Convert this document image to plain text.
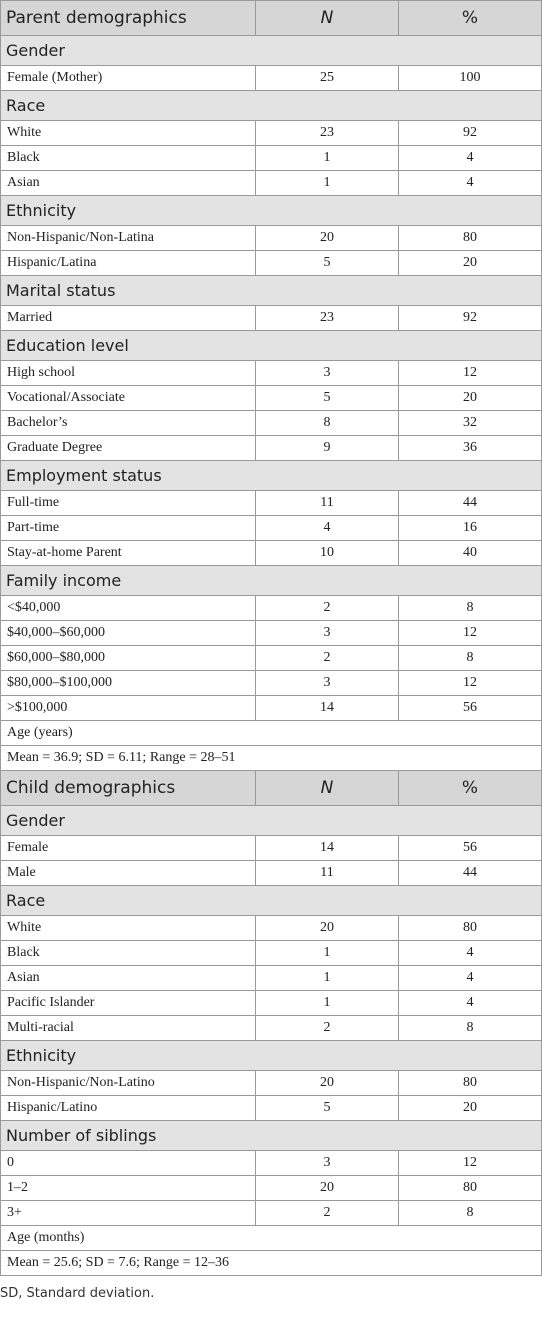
Parent demographics	N	%
Gender		
Female (Mother)	25	100
Race		
White	23	92
Black	1	4
Asian	1	4
Ethnicity		
Non-Hispanic/Non-Latina	20	80
Hispanic/Latina	5	20
Marital status		
Married	23	92
Education level		
High school	3	12
Vocational/Associate	5	20
Bachelor’s	8	32
Graduate Degree	9	36
Employment status		
Full-time	11	44
Part-time	4	16
Stay-at-home Parent	10	40
Family income		
<$40,000	2	8
$40,000–$60,000	3	12
$60,000–$80,000	2	8
$80,000–$100,000	3	12
>$100,000	14	56
Age (years)		
Mean = 36.9; SD = 6.11; Range = 28–51		
Child demographics	N	%
Gender		
Female	14	56
Male	11	44
Race		
White	20	80
Black	1	4
Asian	1	4
Pacific Islander	1	4
Multi-racial	2	8
Ethnicity		
Non-Hispanic/Non-Latino	20	80
Hispanic/Latino	5	20
Number of siblings		
0	3	12
1–2	20	80
3+	2	8
Age (months)		
Mean = 25.6; SD = 7.6; Range = 12–36		
SD, Standard deviation.
